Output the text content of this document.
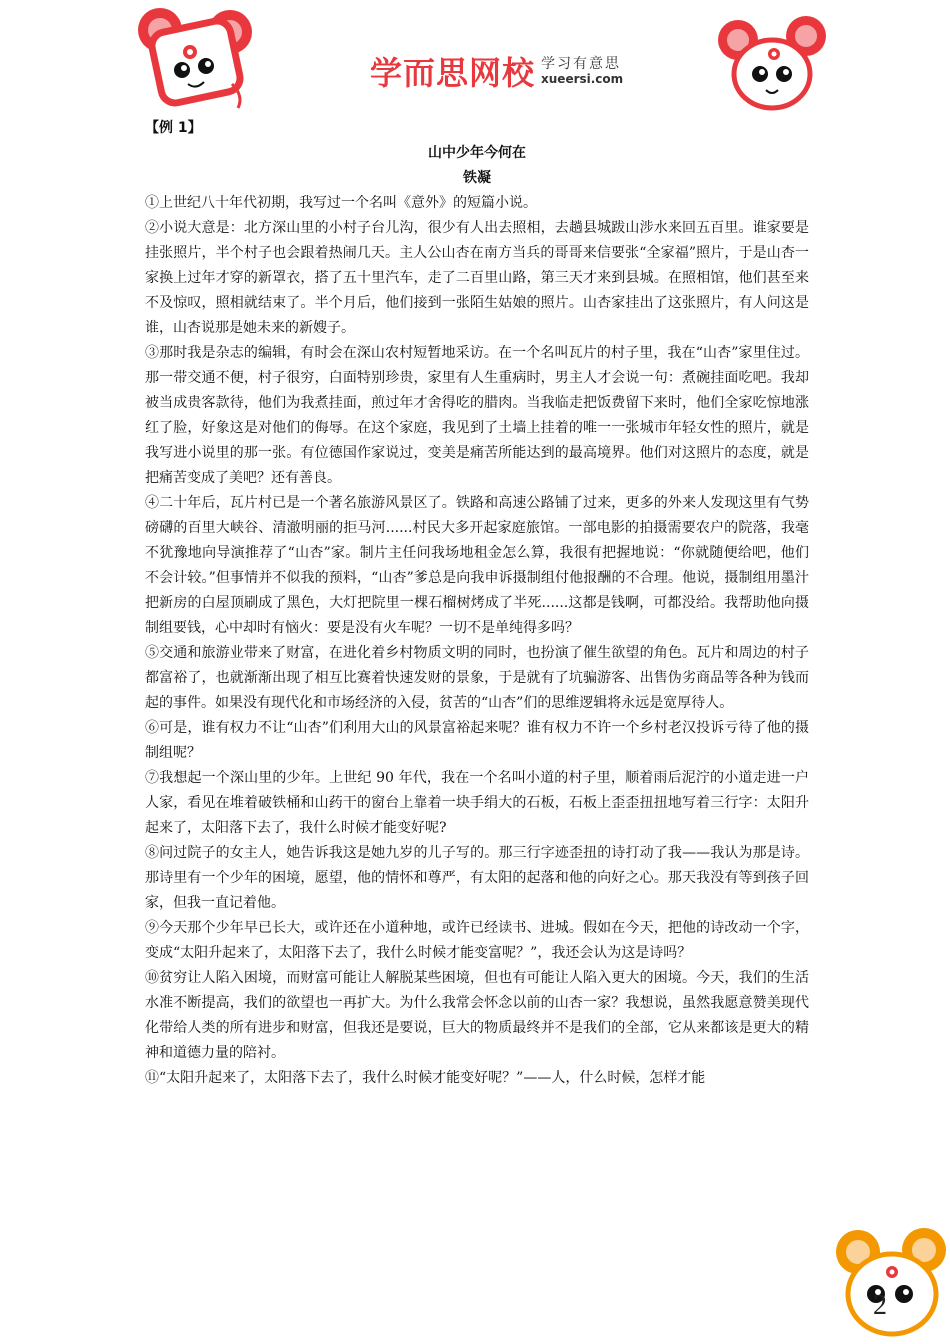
学而思网校 学习有意思
xueersi.com
【例 1】
山中少年今何在
铁凝

①上世纪八十年代初期，我写过一个名叫《意外》的短篇小说。

②小说大意是：北方深山里的小村子台儿沟，很少有人出去照相，去趟县城跋山涉水来回五百里。谁家要是挂张照片，半个村子也会跟着热闹几天。主人公山杏在南方当兵的哥哥来信要张“全家福”照片，于是山杏一家换上过年才穿的新罩衣，搭了五十里汽车，走了二百里山路，第三天才来到县城。在照相馆，他们甚至来不及惊叹，照相就结束了。半个月后，他们接到一张陌生姑娘的照片。山杏家挂出了这张照片，有人问这是谁，山杏说那是她未来的新嫂子。

③那时我是杂志的编辑，有时会在深山农村短暂地采访。在一个名叫瓦片的村子里，我在“山杏”家里住过。那一带交通不便，村子很穷，白面特别珍贵，家里有人生重病时，男主人才会说一句：煮碗挂面吃吧。我却被当成贵客款待，他们为我煮挂面，煎过年才舍得吃的腊肉。当我临走把饭费留下来时，他们全家吃惊地涨红了脸，好象这是对他们的侮辱。在这个家庭，我见到了土墙上挂着的唯一一张城市年轻女性的照片，就是我写进小说里的那一张。有位德国作家说过，变美是痛苦所能达到的最高境界。他们对这照片的态度，就是把痛苦变成了美吧？还有善良。

④二十年后，瓦片村已是一个著名旅游风景区了。铁路和高速公路铺了过来，更多的外来人发现这里有气势磅礴的百里大峡谷、清澈明丽的拒马河......村民大多开起家庭旅馆。一部电影的拍摄需要农户的院落，我毫不犹豫地向导演推荐了“山杏”家。制片主任问我场地租金怎么算，我很有把握地说：“你就随便给吧，他们不会计较。”但事情并不似我的预料，“山杏”爹总是向我申诉摄制组付他报酬的不合理。他说，摄制组用墨汁把新房的白屋顶刷成了黑色，大灯把院里一棵石榴树烤成了半死......这都是钱啊，可都没给。我帮助他向摄制组要钱，心中却时有恼火：要是没有火车呢？一切不是单纯得多吗？

⑤交通和旅游业带来了财富，在进化着乡村物质文明的同时，也扮演了催生欲望的角色。瓦片和周边的村子都富裕了，也就渐渐出现了相互比赛着快速发财的景象，于是就有了坑骗游客、出售伪劣商品等各种为钱而起的事件。如果没有现代化和市场经济的入侵，贫苦的“山杏”们的思维逻辑将永远是宽厚待人。

⑥可是，谁有权力不让“山杏”们利用大山的风景富裕起来呢？谁有权力不许一个乡村老汉投诉亏待了他的摄制组呢？

⑦我想起一个深山里的少年。上世纪 90 年代，我在一个名叫小道的村子里，顺着雨后泥泞的小道走进一户人家，看见在堆着破铁桶和山药干的窗台上靠着一块手绢大的石板，石板上歪歪扭扭地写着三行字：太阳升起来了，太阳落下去了，我什么时候才能变好呢?

⑧问过院子的女主人，她告诉我这是她九岁的儿子写的。那三行字迹歪扭的诗打动了我——我认为那是诗。那诗里有一个少年的困境，愿望，他的情怀和尊严，有太阳的起落和他的向好之心。那天我没有等到孩子回家，但我一直记着他。

⑨今天那个少年早已长大，或许还在小道种地，或许已经读书、进城。假如在今天，把他的诗改动一个字，变成“太阳升起来了，太阳落下去了，我什么时候才能变富呢？”，我还会认为这是诗吗？

⑩贫穷让人陷入困境，而财富可能让人解脱某些困境，但也有可能让人陷入更大的困境。今天，我们的生活水准不断提高，我们的欲望也一再扩大。为什么我常会怀念以前的山杏一家？我想说，虽然我愿意赞美现代化带给人类的所有进步和财富，但我还是要说，巨大的物质最终并不是我们的全部，它从来都该是更大的精神和道德力量的陪衬。

⑪“太阳升起来了，太阳落下去了，我什么时候才能变好呢？”——人，什么时候，怎样才能

2
